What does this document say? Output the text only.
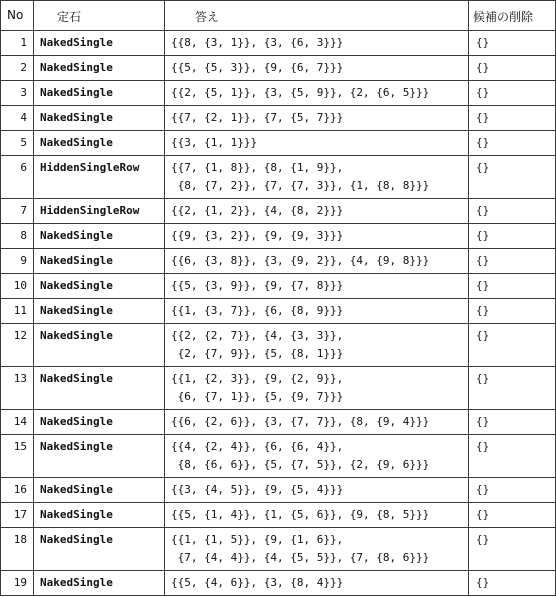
No	定石	答え	候補の削除
1	NakedSingle	{{8, {3, 1}}, {3, {6, 3}}}	{}
2	NakedSingle	{{5, {5, 3}}, {9, {6, 7}}}	{}
3	NakedSingle	{{2, {5, 1}}, {3, {5, 9}}, {2, {6, 5}}}	{}
4	NakedSingle	{{7, {2, 1}}, {7, {5, 7}}}	{}
5	NakedSingle	{{3, {1, 1}}}	{}
6	HiddenSingleRow	{{7, {1, 8}}, {8, {1, 9}},
{8, {7, 2}}, {7, {7, 3}}, {1, {8, 8}}}	{}
7	HiddenSingleRow	{{2, {1, 2}}, {4, {8, 2}}}	{}
8	NakedSingle	{{9, {3, 2}}, {9, {9, 3}}}	{}
9	NakedSingle	{{6, {3, 8}}, {3, {9, 2}}, {4, {9, 8}}}	{}
10	NakedSingle	{{5, {3, 9}}, {9, {7, 8}}}	{}
11	NakedSingle	{{1, {3, 7}}, {6, {8, 9}}}	{}
12	NakedSingle	{{2, {2, 7}}, {4, {3, 3}},
{2, {7, 9}}, {5, {8, 1}}}	{}
13	NakedSingle	{{1, {2, 3}}, {9, {2, 9}},
{6, {7, 1}}, {5, {9, 7}}}	{}
14	NakedSingle	{{6, {2, 6}}, {3, {7, 7}}, {8, {9, 4}}}	{}
15	NakedSingle	{{4, {2, 4}}, {6, {6, 4}},
{8, {6, 6}}, {5, {7, 5}}, {2, {9, 6}}}	{}
16	NakedSingle	{{3, {4, 5}}, {9, {5, 4}}}	{}
17	NakedSingle	{{5, {1, 4}}, {1, {5, 6}}, {9, {8, 5}}}	{}
18	NakedSingle	{{1, {1, 5}}, {9, {1, 6}},
{7, {4, 4}}, {4, {5, 5}}, {7, {8, 6}}}	{}
19	NakedSingle	{{5, {4, 6}}, {3, {8, 4}}}	{}
